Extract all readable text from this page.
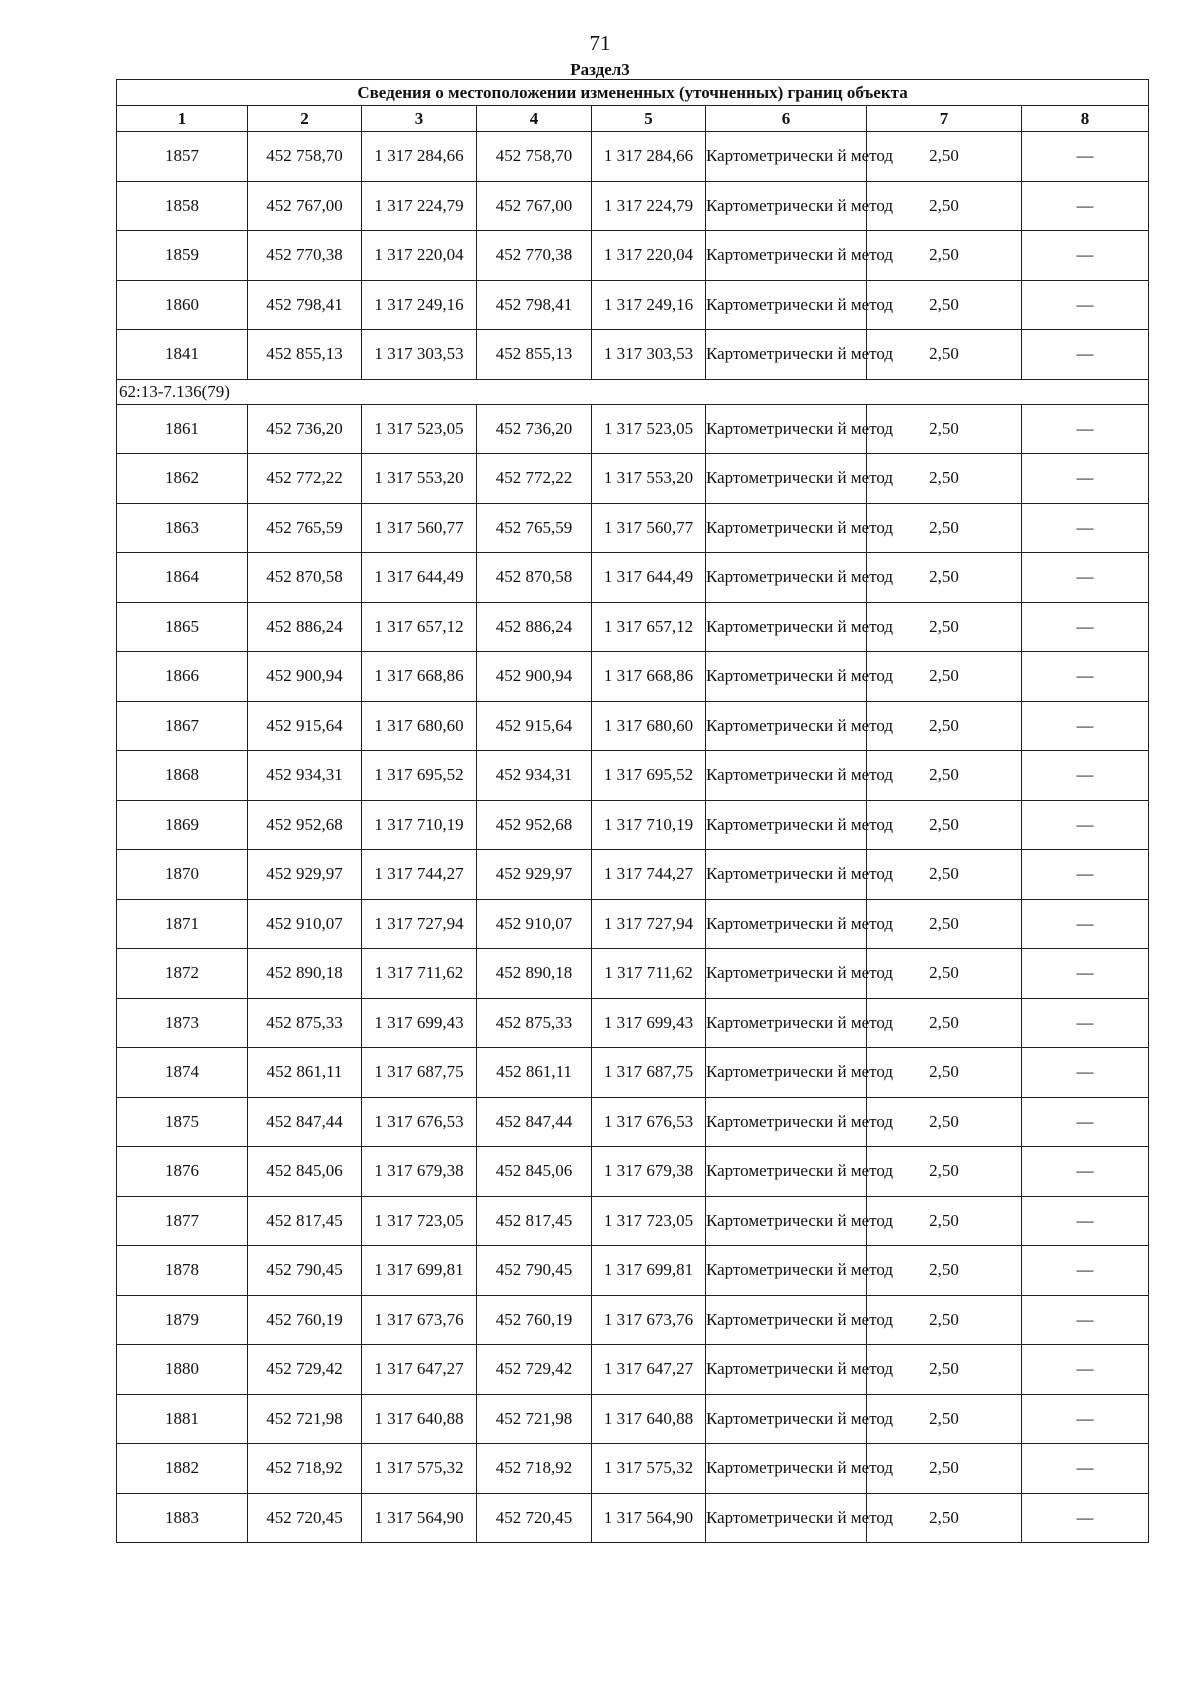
71
Раздел3
Сведения о местоположении измененных (уточненных) границ объекта							
1	2	3	4	5	6	7	8
1857	452 758,70	1 317 284,66	452 758,70	1 317 284,66	Картометрически й метод	2,50	—
1858	452 767,00	1 317 224,79	452 767,00	1 317 224,79	Картометрически й метод	2,50	—
1859	452 770,38	1 317 220,04	452 770,38	1 317 220,04	Картометрически й метод	2,50	—
1860	452 798,41	1 317 249,16	452 798,41	1 317 249,16	Картометрически й метод	2,50	—
1841	452 855,13	1 317 303,53	452 855,13	1 317 303,53	Картометрически й метод	2,50	—
62:13-7.136(79)							
1861	452 736,20	1 317 523,05	452 736,20	1 317 523,05	Картометрически й метод	2,50	—
1862	452 772,22	1 317 553,20	452 772,22	1 317 553,20	Картометрически й метод	2,50	—
1863	452 765,59	1 317 560,77	452 765,59	1 317 560,77	Картометрически й метод	2,50	—
1864	452 870,58	1 317 644,49	452 870,58	1 317 644,49	Картометрически й метод	2,50	—
1865	452 886,24	1 317 657,12	452 886,24	1 317 657,12	Картометрически й метод	2,50	—
1866	452 900,94	1 317 668,86	452 900,94	1 317 668,86	Картометрически й метод	2,50	—
1867	452 915,64	1 317 680,60	452 915,64	1 317 680,60	Картометрически й метод	2,50	—
1868	452 934,31	1 317 695,52	452 934,31	1 317 695,52	Картометрически й метод	2,50	—
1869	452 952,68	1 317 710,19	452 952,68	1 317 710,19	Картометрически й метод	2,50	—
1870	452 929,97	1 317 744,27	452 929,97	1 317 744,27	Картометрически й метод	2,50	—
1871	452 910,07	1 317 727,94	452 910,07	1 317 727,94	Картометрически й метод	2,50	—
1872	452 890,18	1 317 711,62	452 890,18	1 317 711,62	Картометрически й метод	2,50	—
1873	452 875,33	1 317 699,43	452 875,33	1 317 699,43	Картометрически й метод	2,50	—
1874	452 861,11	1 317 687,75	452 861,11	1 317 687,75	Картометрически й метод	2,50	—
1875	452 847,44	1 317 676,53	452 847,44	1 317 676,53	Картометрически й метод	2,50	—
1876	452 845,06	1 317 679,38	452 845,06	1 317 679,38	Картометрически й метод	2,50	—
1877	452 817,45	1 317 723,05	452 817,45	1 317 723,05	Картометрически й метод	2,50	—
1878	452 790,45	1 317 699,81	452 790,45	1 317 699,81	Картометрически й метод	2,50	—
1879	452 760,19	1 317 673,76	452 760,19	1 317 673,76	Картометрически й метод	2,50	—
1880	452 729,42	1 317 647,27	452 729,42	1 317 647,27	Картометрически й метод	2,50	—
1881	452 721,98	1 317 640,88	452 721,98	1 317 640,88	Картометрически й метод	2,50	—
1882	452 718,92	1 317 575,32	452 718,92	1 317 575,32	Картометрически й метод	2,50	—
1883	452 720,45	1 317 564,90	452 720,45	1 317 564,90	Картометрически й метод	2,50	—
